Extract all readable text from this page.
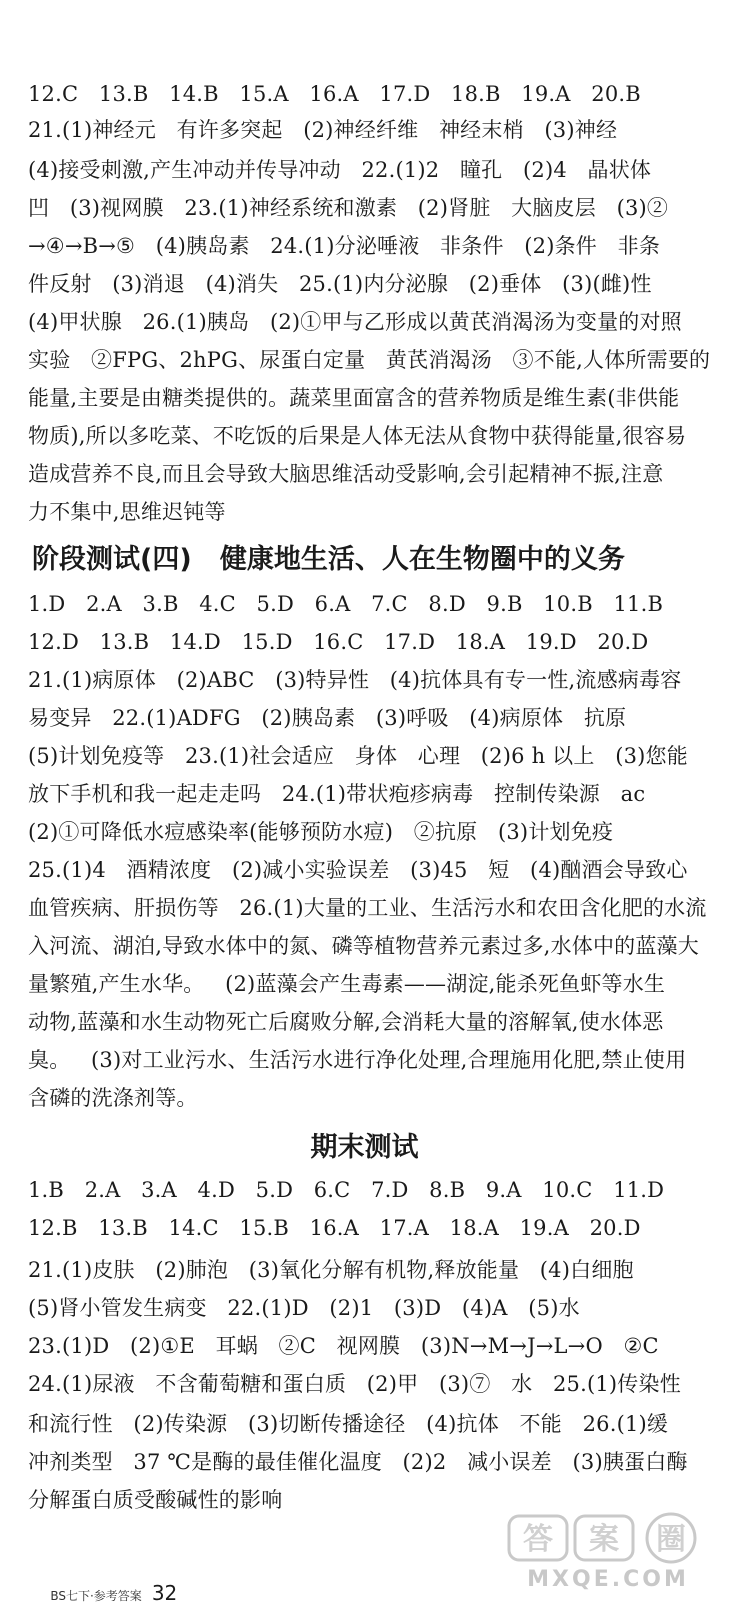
12.C   13.B   14.B   15.A   16.A   17.D   18.B   19.A   20.B
21.(1)神经元   有许多突起   (2)神经纤维   神经末梢   (3)神经
(4)接受刺激,产生冲动并传导冲动   22.(1)2   瞳孔   (2)4   晶状体
凹   (3)视网膜   23.(1)神经系统和激素   (2)肾脏   大脑皮层   (3)②
→④→B→⑤   (4)胰岛素   24.(1)分泌唾液   非条件   (2)条件   非条
件反射   (3)消退   (4)消失   25.(1)内分泌腺   (2)垂体   (3)(雌)性
(4)甲状腺   26.(1)胰岛   (2)①甲与乙形成以黄芪消渴汤为变量的对照
实验   ②FPG、2hPG、尿蛋白定量   黄芪消渴汤   ③不能,人体所需要的
能量,主要是由糖类提供的。蔬菜里面富含的营养物质是维生素(非供能
物质),所以多吃菜、不吃饭的后果是人体无法从食物中获得能量,很容易
造成营养不良,而且会导致大脑思维活动受影响,会引起精神不振,注意
力不集中,思维迟钝等
阶段测试(四)   健康地生活、人在生物圈中的义务
1.D   2.A   3.B   4.C   5.D   6.A   7.C   8.D   9.B   10.B   11.B
12.D   13.B   14.D   15.D   16.C   17.D   18.A   19.D   20.D
21.(1)病原体   (2)ABC   (3)特异性   (4)抗体具有专一性,流感病毒容
易变异   22.(1)ADFG   (2)胰岛素   (3)呼吸   (4)病原体   抗原
(5)计划免疫等   23.(1)社会适应   身体   心理   (2)6 h 以上   (3)您能
放下手机和我一起走走吗   24.(1)带状疱疹病毒   控制传染源   ac
(2)①可降低水痘感染率(能够预防水痘)   ②抗原   (3)计划免疫
25.(1)4   酒精浓度   (2)减小实验误差   (3)45   短   (4)酗酒会导致心
血管疾病、肝损伤等   26.(1)大量的工业、生活污水和农田含化肥的水流
入河流、湖泊,导致水体中的氮、磷等植物营养元素过多,水体中的蓝藻大
量繁殖,产生水华。   (2)蓝藻会产生毒素——湖淀,能杀死鱼虾等水生
动物,蓝藻和水生动物死亡后腐败分解,会消耗大量的溶解氧,使水体恶
臭。   (3)对工业污水、生活污水进行净化处理,合理施用化肥,禁止使用
含磷的洗涤剂等。
期末测试
1.B   2.A   3.A   4.D   5.D   6.C   7.D   8.B   9.A   10.C   11.D
12.B   13.B   14.C   15.B   16.A   17.A   18.A   19.A   20.D
21.(1)皮肤   (2)肺泡   (3)氧化分解有机物,释放能量   (4)白细胞
(5)肾小管发生病变   22.(1)D   (2)1   (3)D   (4)A   (5)水
23.(1)D   (2)①E   耳蜗   ②C   视网膜   (3)N→M→J→L→O   ②C
24.(1)尿液   不含葡萄糖和蛋白质   (2)甲   (3)⑦   水   25.(1)传染性
和流行性   (2)传染源   (3)切断传播途径   (4)抗体   不能   26.(1)缓
冲剂类型   37 ℃是酶的最佳催化温度   (2)2   减小误差   (3)胰蛋白酶
分解蛋白质受酸碱性的影响

BS七下·参考答案 32

答 案 圈
MXQE.COM
